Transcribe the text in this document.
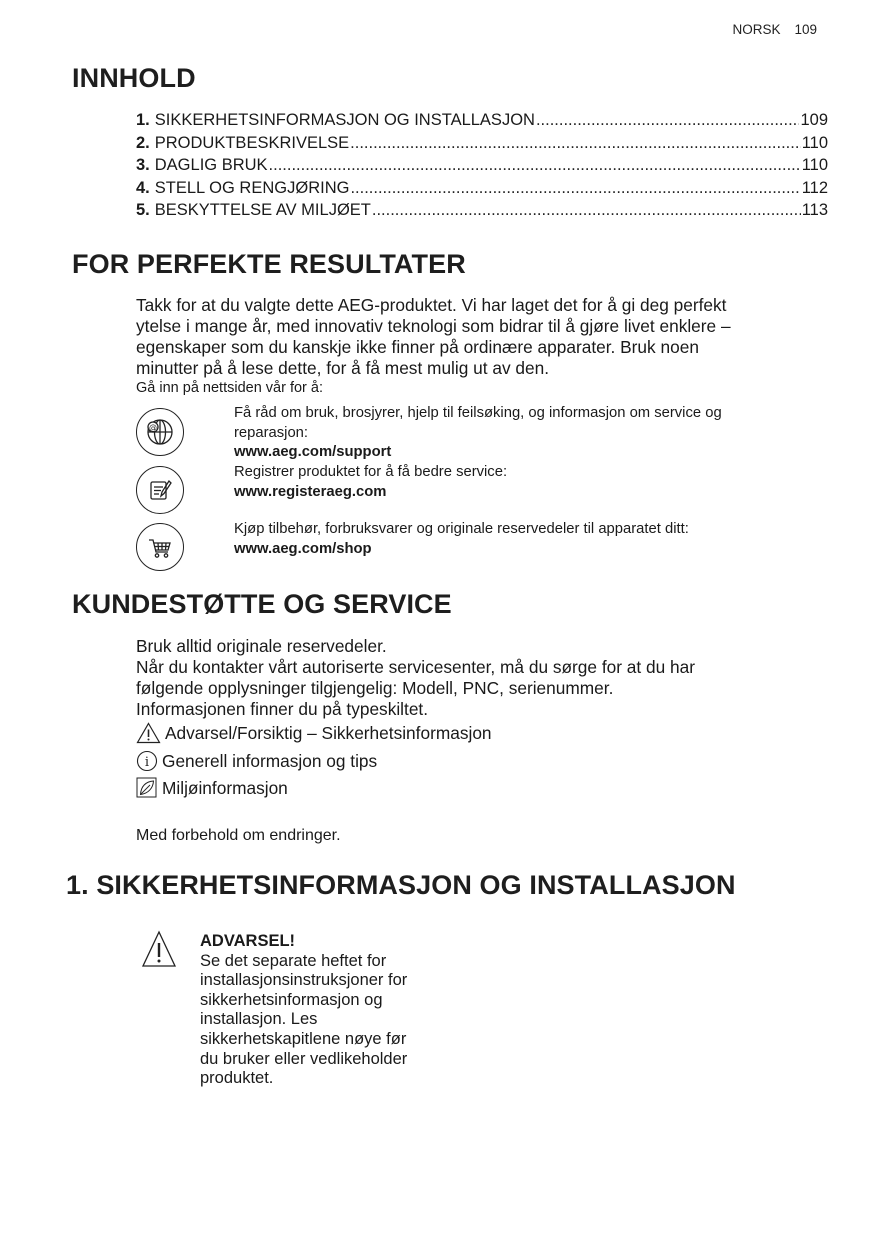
NORSK 109
INNHOLD
1. SIKKERHETSINFORMASJON OG INSTALLASJON .....	109
2. PRODUKTBESKRIVELSE .....	110
3. DAGLIG BRUK .....	110
4. STELL OG RENGJØRING .....	112
5. BESKYTTELSE AV MILJØET .....	113
FOR PERFEKTE RESULTATER
Takk for at du valgte dette AEG-produktet. Vi har laget det for å gi deg perfekt
ytelse i mange år, med innovativ teknologi som bidrar til å gjøre livet enklere –
egenskaper som du kanskje ikke finner på ordinære apparater. Bruk noen
minutter på å lese dette, for å få mest mulig ut av den.
Gå inn på nettsiden vår for å:
@
Få råd om bruk, brosjyrer, hjelp til feilsøking, og informasjon om service og
reparasjon:
www.aeg.com/support
Registrer produktet for å få bedre service:
www.registeraeg.com
Kjøp tilbehør, forbruksvarer og originale reservedeler til apparatet ditt:
www.aeg.com/shop
KUNDESTØTTE OG SERVICE
Bruk alltid originale reservedeler.
Når du kontakter vårt autoriserte servicesenter, må du sørge for at du har
følgende opplysninger tilgjengelig: Modell, PNC, serienummer.
Informasjonen finner du på typeskiltet.
Advarsel/Forsiktig – Sikkerhetsinformasjon
i Generell informasjon og tips
Miljøinformasjon
Med forbehold om endringer.
1. SIKKERHETSINFORMASJON OG INSTALLASJON
ADVARSEL!
Se det separate heftet for
installasjonsinstruksjoner for
sikkerhetsinformasjon og
installasjon. Les
sikkerhetskapitlene nøye før
du bruker eller vedlikeholder
produktet.
